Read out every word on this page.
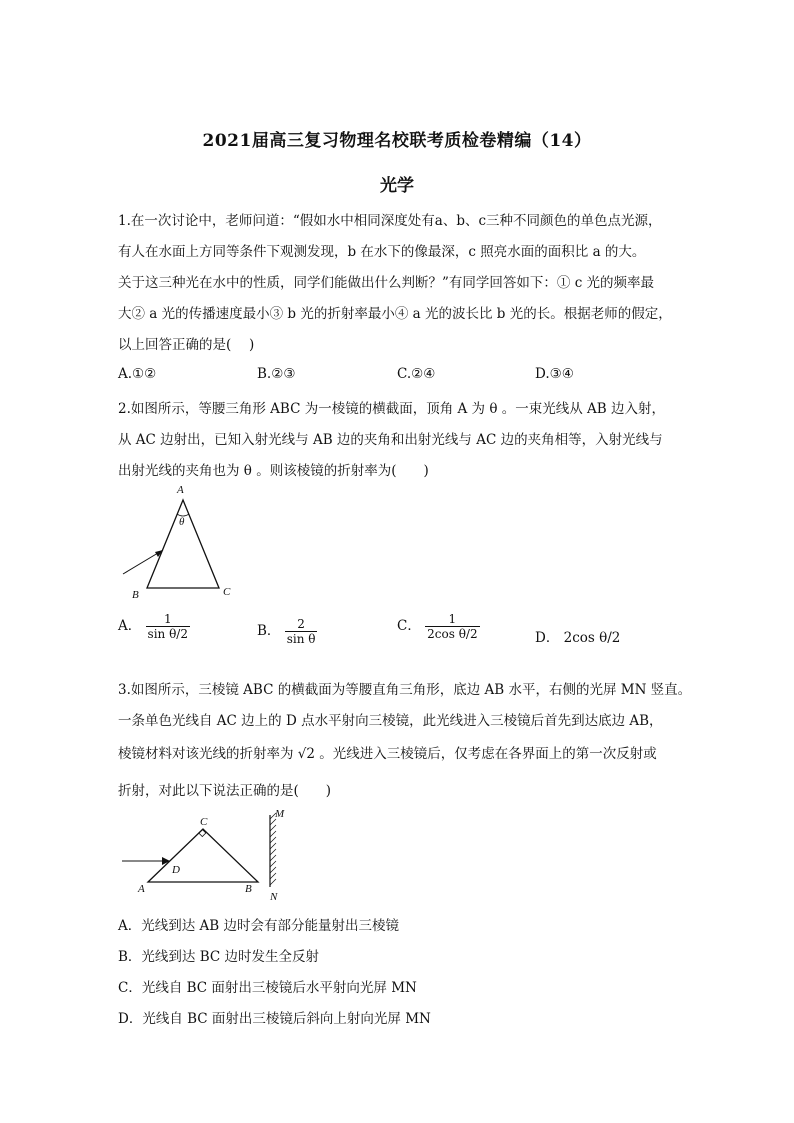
2021届高三复习物理名校联考质检卷精编（14）
光学
1.在一次讨论中，老师问道：“假如水中相同深度处有a、b、c三种不同颜色的单色点光源，
有人在水面上方同等条件下观测发现，b 在水下的像最深，c 照亮水面的面积比 a 的大。
关于这三种光在水中的性质，同学们能做出什么判断？”有同学回答如下：① c 光的频率最
大② a 光的传播速度最小③ b 光的折射率最小④ a 光的波长比 b 光的长。根据老师的假定，
以上回答正确的是(　 )
A.①②	B.②③	C.②④	D.③④
2.如图所示，等腰三角形 ABC 为一棱镜的横截面，顶角 A 为 θ 。一束光线从 AB 边入射，
从 AC 边射出，已知入射光线与 AB 边的夹角和出射光线与 AC 边的夹角相等，入射光线与
出射光线的夹角也为 θ 。则该棱镜的折射率为(　　)
A
θ
B	C
A． $\frac{1}{\text{sin θ/2}}$	B． $\frac{2}{\text{sin θ}}$	C． $\frac{1}{\text{2cos θ/2}}$	D． 2cos θ/2
3.如图所示，三棱镜 ABC 的横截面为等腰直角三角形，底边 AB 水平，右侧的光屏 MN 竖直。
一条单色光线自 AC 边上的 D 点水平射向三棱镜，此光线进入三棱镜后首先到达底边 AB，
棱镜材料对该光线的折射率为 √2 。光线进入三棱镜后，仅考虑在各界面上的第一次反射或
折射，对此以下说法正确的是(　　)
C
D
A	B
M
N
A．光线到达 AB 边时会有部分能量射出三棱镜
B．光线到达 BC 边时发生全反射
C．光线自 BC 面射出三棱镜后水平射向光屏 MN
D．光线自 BC 面射出三棱镜后斜向上射向光屏 MN
